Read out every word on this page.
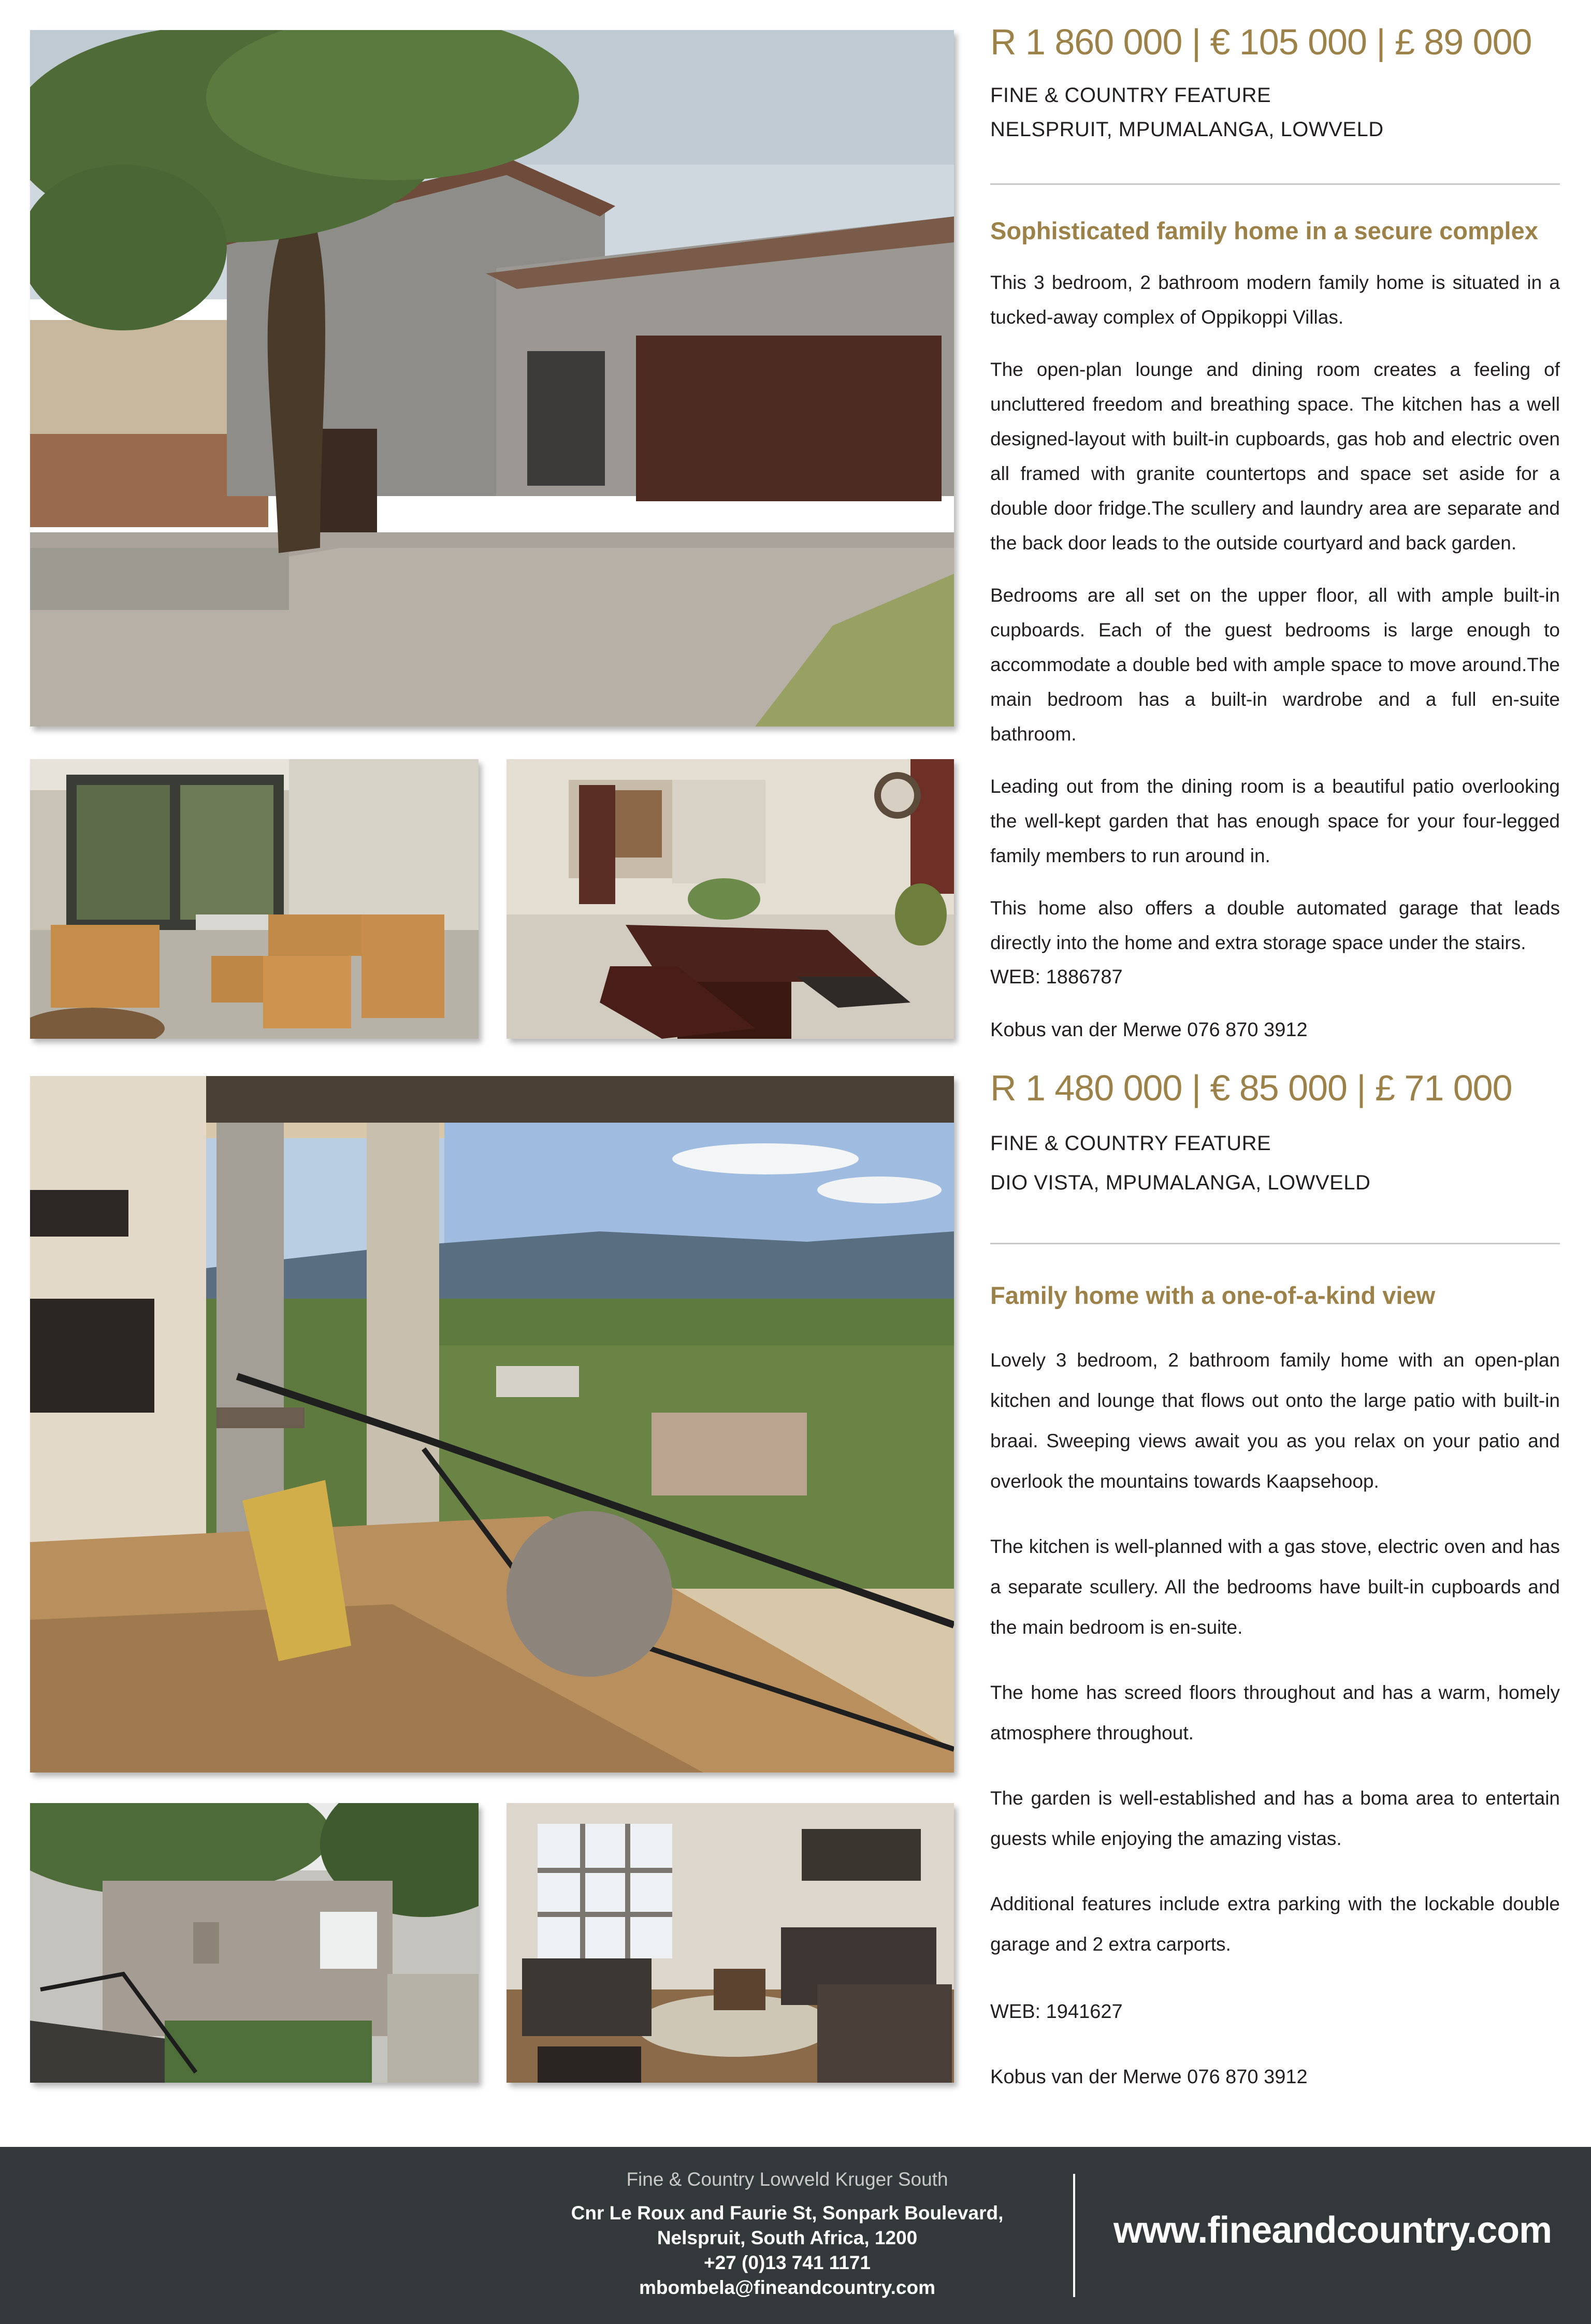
R 1 860 000 | € 105 000 | £ 89 000

FINE & COUNTRY FEATURE

NELSPRUIT, MPUMALANGA, LOWVELD

Sophisticated family home in a secure complex

This 3 bedroom, 2 bathroom modern family home is situated in a tucked-away complex of Oppikoppi Villas.

The open-plan lounge and dining room creates a feeling of uncluttered freedom and breathing space. The kitchen has a well designed-layout with built-in cupboards, gas hob and electric oven all framed with granite countertops and space set aside for a double door fridge.The scullery and laundry area are separate and the back door leads to the outside courtyard and back garden.

Bedrooms are all set on the upper floor, all with ample built-in cupboards. Each of the guest bedrooms is large enough to accommodate a double bed with ample space to move around.The main bedroom has a built-in wardrobe and a full en-suite bathroom.

Leading out from the dining room is a beautiful patio overlooking the well-kept garden that has enough space for your four-legged family members to run around in.

This home also offers a double automated garage that leads directly into the home and extra storage space under the stairs.

WEB: 1886787

Kobus van der Merwe 076 870 3912

R 1 480 000 | € 85 000 | £ 71 000

FINE & COUNTRY FEATURE

DIO VISTA, MPUMALANGA, LOWVELD

Family home with a one-of-a-kind view

Lovely 3 bedroom, 2 bathroom family home with an open-plan kitchen and lounge that flows out onto the large patio with built-in braai. Sweeping views await you as you relax on your patio and overlook the mountains towards Kaapsehoop.

The kitchen is well-planned with a gas stove, electric oven and has a separate scullery. All the bedrooms have built-in cupboards and the main bedroom is en-suite.

The home has screed floors throughout and has a warm, homely atmosphere throughout.

The garden is well-established and has a boma area to entertain guests while enjoying the amazing vistas.

Additional features include extra parking with the lockable double garage and 2 extra carports.

WEB: 1941627

Kobus van der Merwe 076 870 3912

Fine & Country Lowveld Kruger South
Cnr Le Roux and Faurie St, Sonpark Boulevard,
Nelspruit, South Africa, 1200
+27 (0)13 741 1171
mbombela@fineandcountry.com
www.fineandcountry.com
